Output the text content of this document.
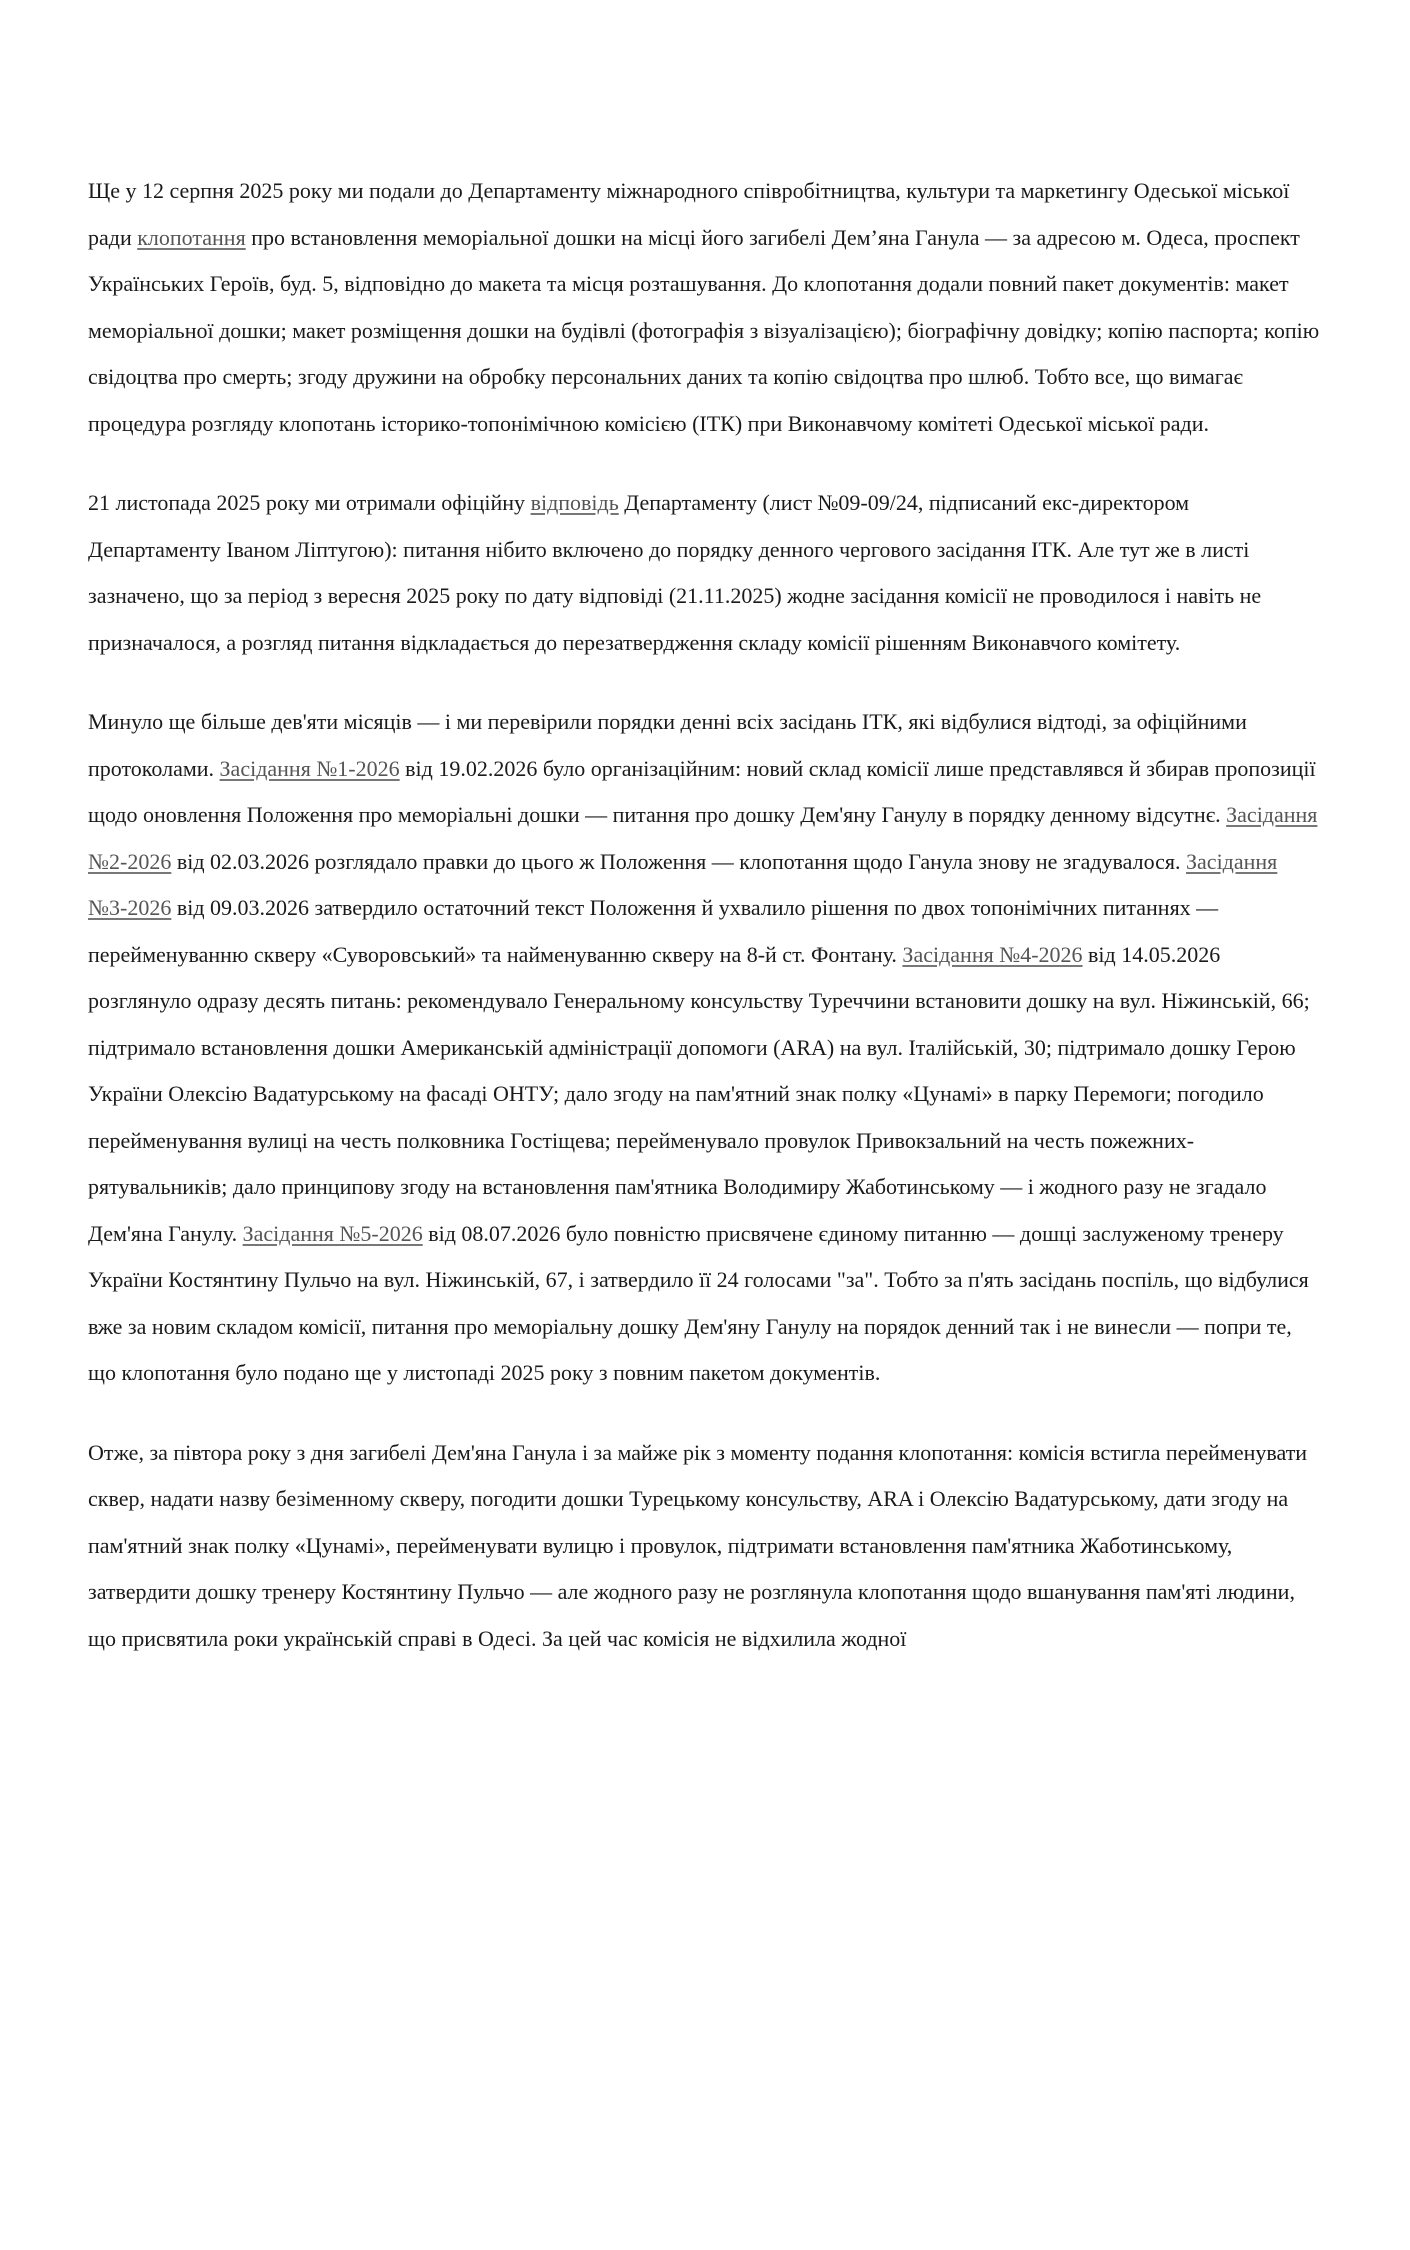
Ще у 12 серпня 2025 року ми подали до Департаменту міжнародного співробітництва, культури та маркетингу Одеської міської ради клопотання про встановлення меморіальної дошки на місці його загибелі Дем’яна Ганула — за адресою м. Одеса, проспект Українських Героїв, буд. 5, відповідно до макета та місця розташування. До клопотання додали повний пакет документів: макет меморіальної дошки; макет розміщення дошки на будівлі (фотографія з візуалізацією); біографічну довідку; копію паспорта; копію свідоцтва про смерть; згоду дружини на обробку персональних даних та копію свідоцтва про шлюб. Тобто все, що вимагає процедура розгляду клопотань історико-топонімічною комісією (ІТК) при Виконавчому комітеті Одеської міської ради.

21 листопада 2025 року ми отримали офіційну відповідь Департаменту (лист №09-09/24, підписаний екс-директором Департаменту Іваном Ліптугою): питання нібито включено до порядку денного чергового засідання ІТК. Але тут же в листі зазначено, що за період з вересня 2025 року по дату відповіді (21.11.2025) жодне засідання комісії не проводилося і навіть не призначалося, а розгляд питання відкладається до перезатвердження складу комісії рішенням Виконавчого комітету.

Минуло ще більше дев'яти місяців — і ми перевірили порядки денні всіх засідань ІТК, які відбулися відтоді, за офіційними протоколами. Засідання №1-2026 від 19.02.2026 було організаційним: новий склад комісії лише представлявся й збирав пропозиції щодо оновлення Положення про меморіальні дошки — питання про дошку Дем'яну Ганулу в порядку денному відсутнє. Засідання №2-2026 від 02.03.2026 розглядало правки до цього ж Положення — клопотання щодо Ганула знову не згадувалося. Засідання №3-2026 від 09.03.2026 затвердило остаточний текст Положення й ухвалило рішення по двох топонімічних питаннях — перейменуванню скверу «Суворовський» та найменуванню скверу на 8-й ст. Фонтану. Засідання №4-2026 від 14.05.2026 розглянуло одразу десять питань: рекомендувало Генеральному консульству Туреччини встановити дошку на вул. Ніжинській, 66; підтримало встановлення дошки Американській адміністрації допомоги (ARA) на вул. Італійській, 30; підтримало дошку Герою України Олексію Вадатурському на фасаді ОНТУ; дало згоду на пам'ятний знак полку «Цунамі» в парку Перемоги; погодило перейменування вулиці на честь полковника Гостіщева; перейменувало провулок Привокзальний на честь пожежних-рятувальників; дало принципову згоду на встановлення пам'ятника Володимиру Жаботинському — і жодного разу не згадало Дем'яна Ганулу. Засідання №5-2026 від 08.07.2026 було повністю присвячене єдиному питанню — дошці заслуженому тренеру України Костянтину Пульчо на вул. Ніжинській, 67, і затвердило її 24 голосами "за". Тобто за п'ять засідань поспіль, що відбулися вже за новим складом комісії, питання про меморіальну дошку Дем'яну Ганулу на порядок денний так і не винесли — попри те, що клопотання було подано ще у листопаді 2025 року з повним пакетом документів.

Отже, за півтора року з дня загибелі Дем'яна Ганула і за майже рік з моменту подання клопотання: комісія встигла перейменувати сквер, надати назву безіменному скверу, погодити дошки Турецькому консульству, ARA і Олексію Вадатурському, дати згоду на пам'ятний знак полку «Цунамі», перейменувати вулицю і провулок, підтримати встановлення пам'ятника Жаботинському, затвердити дошку тренеру Костянтину Пульчо — але жодного разу не розглянула клопотання щодо вшанування пам'яті людини, що присвятила роки українській справі в Одесі. За цей час комісія не відхилила жодної
